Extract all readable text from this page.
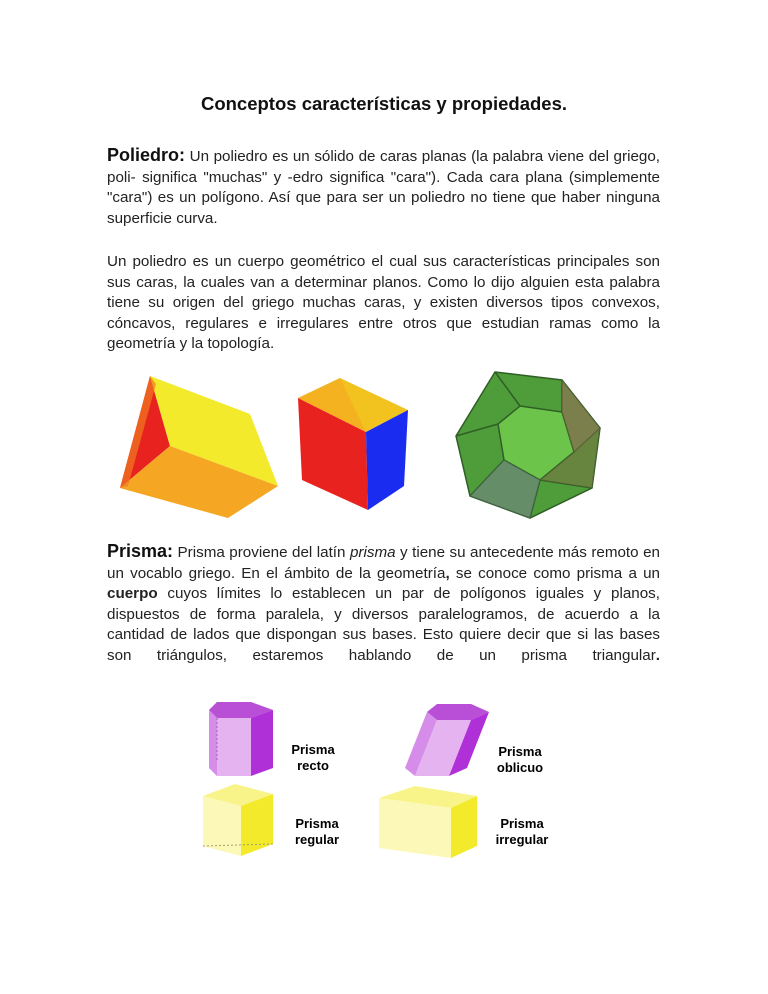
Conceptos características y propiedades.
Poliedro: Un poliedro es un sólido de caras planas (la palabra viene del griego, poli- significa "muchas" y -edro significa "cara"). Cada cara plana (simplemente "cara") es un polígono. Así que para ser un poliedro no tiene que haber ninguna superficie curva.
Un poliedro es un cuerpo geométrico el cual sus características principales son sus caras, la cuales van a determinar planos. Como lo dijo alguien esta palabra tiene su origen del griego muchas caras, y existen diversos tipos convexos, cóncavos, regulares e irregulares entre otros que estudian ramas como la geometría y la topología.
Prisma: Prisma proviene del latín prisma y tiene su antecedente más remoto en un vocablo griego. En el ámbito de la geometría, se conoce como prisma a un cuerpo cuyos límites lo establecen un par de polígonos iguales y planos, dispuestos de forma paralela, y diversos paralelogramos, de acuerdo a la cantidad de lados que dispongan sus bases. Esto quiere decir que si las bases son triángulos, estaremos hablando de un prisma triangular.
Prisma
recto
Prisma
oblicuo
Prisma
regular
Prisma
irregular
